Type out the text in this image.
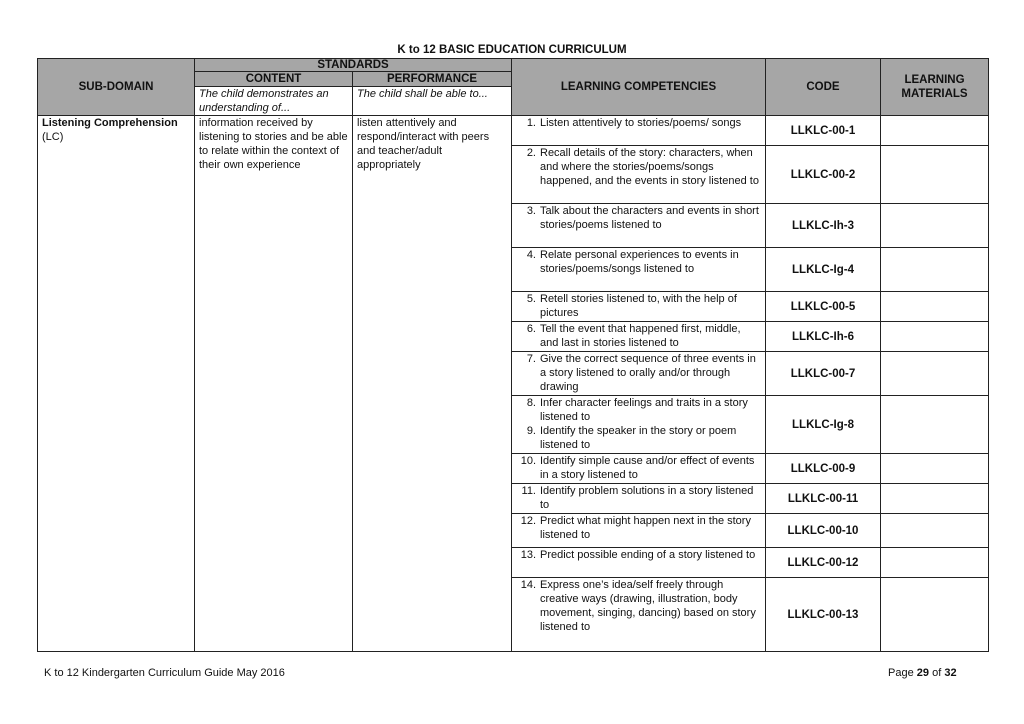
K to 12 BASIC EDUCATION CURRICULUM
SUB-DOMAIN	STANDARDS		LEARNING COMPETENCIES	CODE	LEARNING MATERIALS
	CONTENT	PERFORMANCE			
	The child demonstrates an understanding of...	The child shall be able to...			
Listening Comprehension
(LC)	information received by listening to stories and be able to relate within the context of their own experience	listen attentively and respond/interact with peers and teacher/adult appropriately	1. Listen attentively to stories/poems/ songs	LLKLC-00-1	

			2. Recall details of the story: characters, when and where the stories/poems/songs happened, and the events in story listened to	LLKLC-00-2	

			3. Talk about the characters and events in short stories/poems listened to	LLKLC-Ih-3	

			4. Relate personal experiences to events in stories/poems/songs listened to	LLKLC-Ig-4	

			5. Retell stories listened to, with the help of pictures	LLKLC-00-5	

			6. Tell the event that happened first, middle, and last in stories listened to	LLKLC-Ih-6	

			7. Give the correct sequence of three events in a story listened to orally and/or through drawing	LLKLC-00-7	

			8. Infer character feelings and traits in a story listened to
9. Identify the speaker in the story or poem listened to	LLKLC-Ig-8	

			10. Identify simple cause and/or effect of events in a story listened to	LLKLC-00-9	

			11. Identify problem solutions in a story listened to	LLKLC-00-11	

			12. Predict what might happen next in the story listened to	LLKLC-00-10	

			13. Predict possible ending of a story listened to	LLKLC-00-12	

			14. Express one’s idea/self freely through creative ways (drawing, illustration, body movement, singing, dancing) based on story listened to	LLKLC-00-13	
K to 12 Kindergarten Curriculum Guide May 2016	Page 29 of 32
